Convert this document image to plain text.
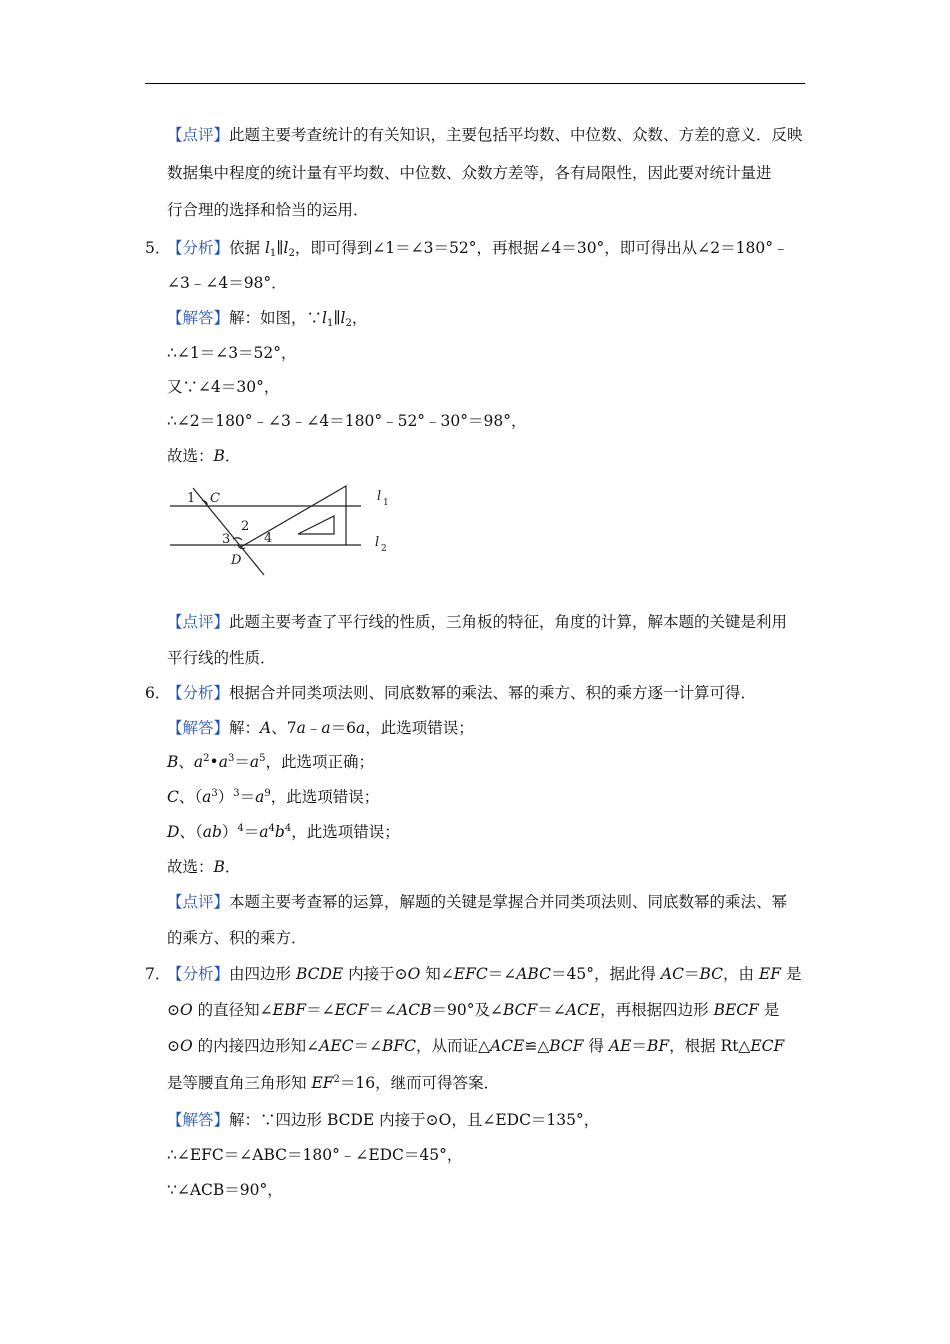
【点评】此题主要考查统计的有关知识，主要包括平均数、中位数、众数、方差的意义．反映
数据集中程度的统计量有平均数、中位数、众数方差等，各有局限性，因此要对统计量进
行合理的选择和恰当的运用．
5．
【分析】依据 $l_1\parallel l_2$，即可得到∠1＝∠3＝52°，再根据∠4＝30°，即可得出从∠2＝180°﹣
∠3﹣∠4＝98°．
【解答】解：如图，$\because l_1\parallel l_2$，
∴∠1＝∠3＝52°，
又∵∠4＝30°，
∴∠2＝180°﹣∠3﹣∠4＝180°﹣52°﹣30°＝98°，
故选：B．
1 C
2
3	4
D
l 1
l 2
【点评】此题主要考查了平行线的性质，三角板的特征，角度的计算，解本题的关键是利用
平行线的性质．
6．
【分析】根据合并同类项法则、同底数幂的乘法、幂的乘方、积的乘方逐一计算可得．
【解答】解：A、7a﹣a＝6a，此选项错误；
B、$a^2•a^3=a^5$，此选项正确；
C、$(a^3)^3=a^9$，此选项错误；
D、$(ab)^4=a^4b^4$，此选项错误；
故选：B．
【点评】本题主要考查幂的运算，解题的关键是掌握合并同类项法则、同底数幂的乘法、幂
的乘方、积的乘方．
7．
【分析】由四边形 BCDE 内接于⊙O 知∠EFC＝∠ABC＝45°，据此得 AC＝BC，由 EF 是
⊙O 的直径知∠EBF＝∠ECF＝∠ACB＝90°及∠BCF＝∠ACE，再根据四边形 BECF 是
⊙O 的内接四边形知∠AEC＝∠BFC，从而证△ACE≌△BCF 得 AE＝BF，根据 Rt△ECF
是等腰直角三角形知 $EF^2=16$，继而可得答案．
【解答】解：∵四边形 BCDE 内接于⊙O，且∠EDC＝135°，
∴∠EFC＝∠ABC＝180°﹣∠EDC＝45°，
∵∠ACB＝90°，
